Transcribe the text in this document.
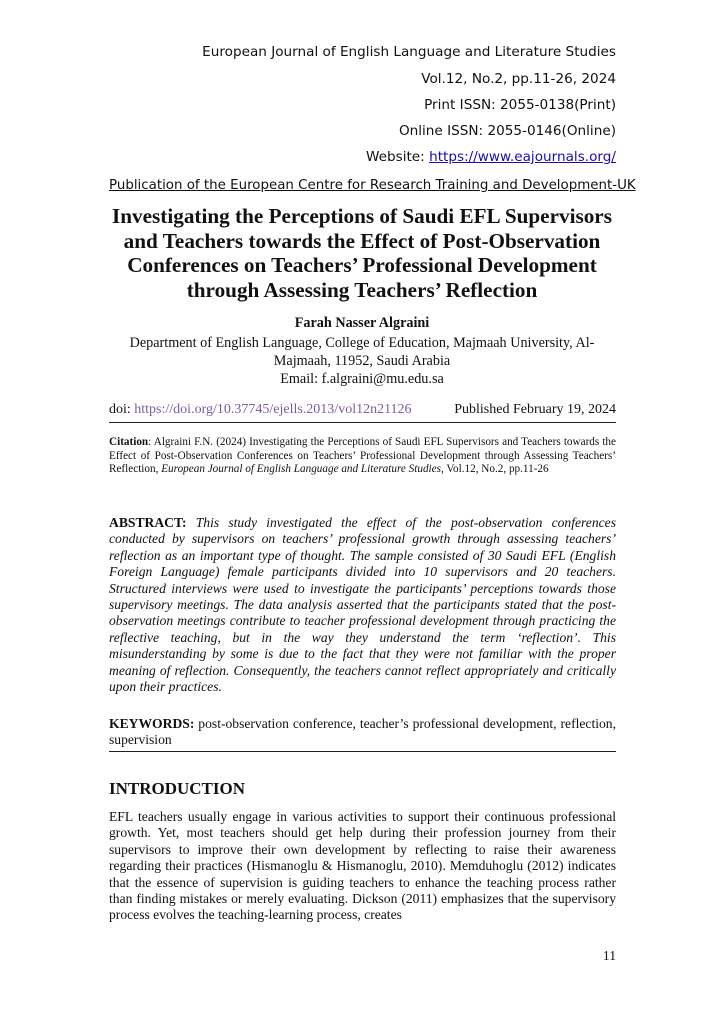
European Journal of English Language and Literature Studies
Vol.12, No.2, pp.11-26, 2024
Print ISSN: 2055-0138(Print)
Online ISSN: 2055-0146(Online)
Website: https://www.eajournals.org/
Publication of the European Centre for Research Training and Development-UK
Investigating the Perceptions of Saudi EFL Supervisors and Teachers towards the Effect of Post-Observation Conferences on Teachers’ Professional Development through Assessing Teachers’ Reflection
Farah Nasser Algraini
Department of English Language, College of Education, Majmaah University, Al-Majmaah, 11952, Saudi Arabia
Email: f.algraini@mu.edu.sa
doi: https://doi.org/10.37745/ejells.2013/vol12n21126	Published February 19, 2024

Citation: Algraini F.N. (2024) Investigating the Perceptions of Saudi EFL Supervisors and Teachers towards the Effect of Post-Observation Conferences on Teachers’ Professional Development through Assessing Teachers’ Reflection, European Journal of English Language and Literature Studies, Vol.12, No.2, pp.11-26

ABSTRACT: This study investigated the effect of the post-observation conferences conducted by supervisors on teachers’ professional growth through assessing teachers’ reflection as an important type of thought. The sample consisted of 30 Saudi EFL (English Foreign Language) female participants divided into 10 supervisors and 20 teachers. Structured interviews were used to investigate the participants’ perceptions towards those supervisory meetings. The data analysis asserted that the participants stated that the post-observation meetings contribute to teacher professional development through practicing the reflective teaching, but in the way they understand the term ‘reflection’. This misunderstanding by some is due to the fact that they were not familiar with the proper meaning of reflection. Consequently, the teachers cannot reflect appropriately and critically upon their practices.

KEYWORDS: post-observation conference, teacher’s professional development, reflection, supervision

INTRODUCTION

EFL teachers usually engage in various activities to support their continuous professional growth. Yet, most teachers should get help during their profession journey from their supervisors to improve their own development by reflecting to raise their awareness regarding their practices (Hismanoglu & Hismanoglu, 2010). Memduhoglu (2012) indicates that the essence of supervision is guiding teachers to enhance the teaching process rather than finding mistakes or merely evaluating. Dickson (2011) emphasizes that the supervisory process evolves the teaching-learning process, creates

11
